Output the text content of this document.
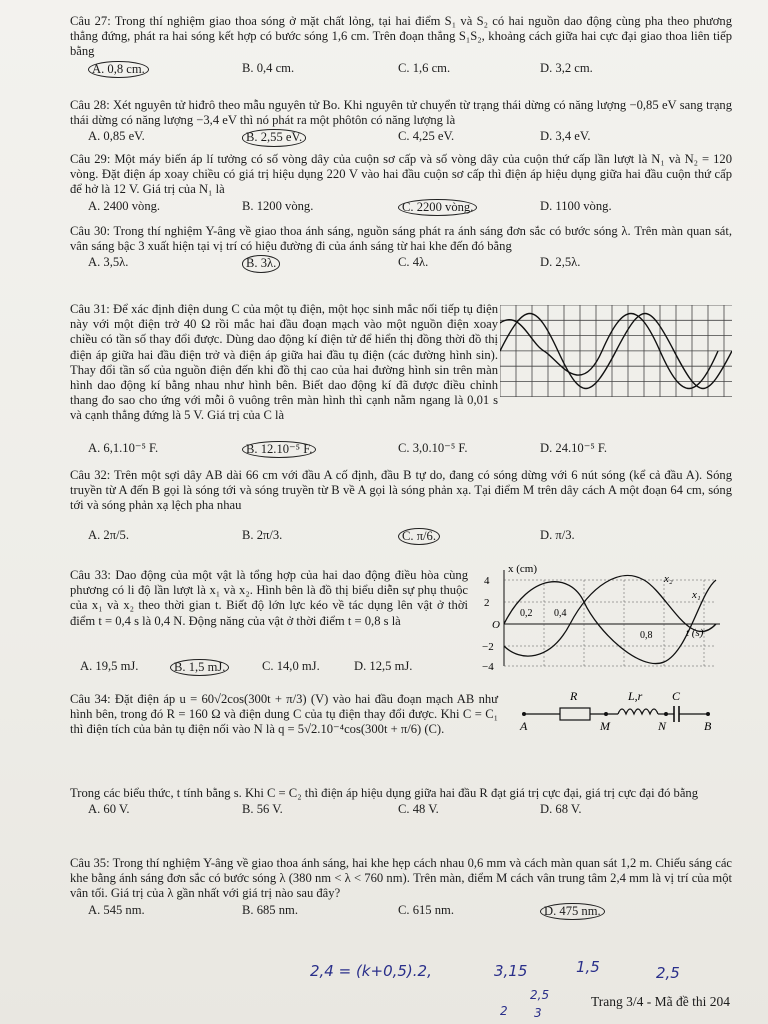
Câu 27: Trong thí nghiệm giao thoa sóng ở mặt chất lỏng, tại hai điểm S₁ và S₂ có hai nguồn dao động cùng pha theo phương thẳng đứng, phát ra hai sóng kết hợp có bước sóng 1,6 cm. Trên đoạn thẳng S₁S₂, khoảng cách giữa hai cực đại giao thoa liên tiếp bằng

A. 0,8 cm.	B. 0,4 cm.	C. 1,6 cm.	D. 3,2 cm.

Câu 28: Xét nguyên tử hiđrô theo mẫu nguyên tử Bo. Khi nguyên tử chuyển từ trạng thái dừng có năng lượng −0,85 eV sang trạng thái dừng có năng lượng −3,4 eV thì nó phát ra một phôtôn có năng lượng là

A. 0,85 eV.	B. 2,55 eV.	C. 4,25 eV.	D. 3,4 eV.

Câu 29: Một máy biến áp lí tưởng có số vòng dây của cuộn sơ cấp và số vòng dây của cuộn thứ cấp lần lượt là N₁ và N₂ = 120 vòng. Đặt điện áp xoay chiều có giá trị hiệu dụng 220 V vào hai đầu cuộn sơ cấp thì điện áp hiệu dụng giữa hai đầu cuộn thứ cấp để hở là 12 V. Giá trị của N₁ là

A. 2400 vòng.	B. 1200 vòng.	C. 2200 vòng.	D. 1100 vòng.

Câu 30: Trong thí nghiệm Y-âng về giao thoa ánh sáng, nguồn sáng phát ra ánh sáng đơn sắc có bước sóng λ. Trên màn quan sát, vân sáng bậc 3 xuất hiện tại vị trí có hiệu đường đi của ánh sáng từ hai khe đến đó bằng

A. 3,5λ.	B. 3λ.	C. 4λ.	D. 2,5λ.

Câu 31: Để xác định điện dung C của một tụ điện, một học sinh mắc nối tiếp tụ điện này với một điện trở 40 Ω rồi mắc hai đầu đoạn mạch vào một nguồn điện xoay chiều có tần số thay đổi được. Dùng dao động kí điện tử để hiển thị đồng thời đồ thị điện áp giữa hai đầu điện trở và điện áp giữa hai đầu tụ điện (các đường hình sin). Thay đổi tần số của nguồn điện đến khi đồ thị cao của hai đường hình sin trên màn hình dao động kí bằng nhau như hình bên. Biết dao động kí đã được điều chỉnh thang đo sao cho ứng với mỗi ô vuông trên màn hình thì cạnh nằm ngang là 0,01 s và cạnh thẳng đứng là 5 V. Giá trị của C là

A. 6,1.10⁻⁵ F.	B. 12.10⁻⁵ F.	C. 3,0.10⁻⁵ F.	D. 24.10⁻⁵ F.

Câu 32: Trên một sợi dây AB dài 66 cm với đầu A cố định, đầu B tự do, đang có sóng dừng với 6 nút sóng (kể cả đầu A). Sóng truyền từ A đến B gọi là sóng tới và sóng truyền từ B về A gọi là sóng phản xạ. Tại điểm M trên dây cách A một đoạn 64 cm, sóng tới và sóng phản xạ lệch pha nhau

A. 2π/5.	B. 2π/3.	C. π/6.	D. π/3.

Câu 33: Dao động của một vật là tổng hợp của hai dao động điều hòa cùng phương có li độ lần lượt là x₁ và x₂. Hình bên là đồ thị biểu diễn sự phụ thuộc của x₁ và x₂ theo thời gian t. Biết độ lớn lực kéo về tác dụng lên vật ở thời điểm t = 0,4 s là 0,4 N. Động năng của vật ở thời điểm t = 0,8 s là

A. 19,5 mJ.	B. 1,5 mJ.	C. 14,0 mJ.	D. 12,5 mJ.
x (cm)
t (s)
4
2
O
−2
−4
0,2 0,4
0,8
x₂
x₁

Câu 34: Đặt điện áp u = 60√2cos(300t + π/3) (V) vào hai đầu đoạn mạch AB như hình bên, trong đó R = 160 Ω và điện dung C của tụ điện thay đổi được. Khi C = C₁ thì điện tích của bản tụ điện nối vào N là q = 5√2.10⁻⁴cos(300t + π/6) (C).

Trong các biểu thức, t tính bằng s. Khi C = C₂ thì điện áp hiệu dụng giữa hai đầu R đạt giá trị cực đại, giá trị cực đại đó bằng

A. 60 V.	B. 56 V.	C. 48 V.	D. 68 V.
A	M	N	B
R	L,r C

Câu 35: Trong thí nghiệm Y-âng về giao thoa ánh sáng, hai khe hẹp cách nhau 0,6 mm và cách màn quan sát 1,2 m. Chiếu sáng các khe bằng ánh sáng đơn sắc có bước sóng λ (380 nm < λ < 760 nm). Trên màn, điểm M cách vân trung tâm 2,4 mm là vị trí của một vân tối. Giá trị của λ gần nhất với giá trị nào sau đây?

A. 545 nm.	B. 685 nm.	C. 615 nm.	D. 475 nm.
2,4 = (k+0,5).2,	3,15	1,5	2,5
2,5
2 3
Trang 3/4 - Mã đề thi 204
